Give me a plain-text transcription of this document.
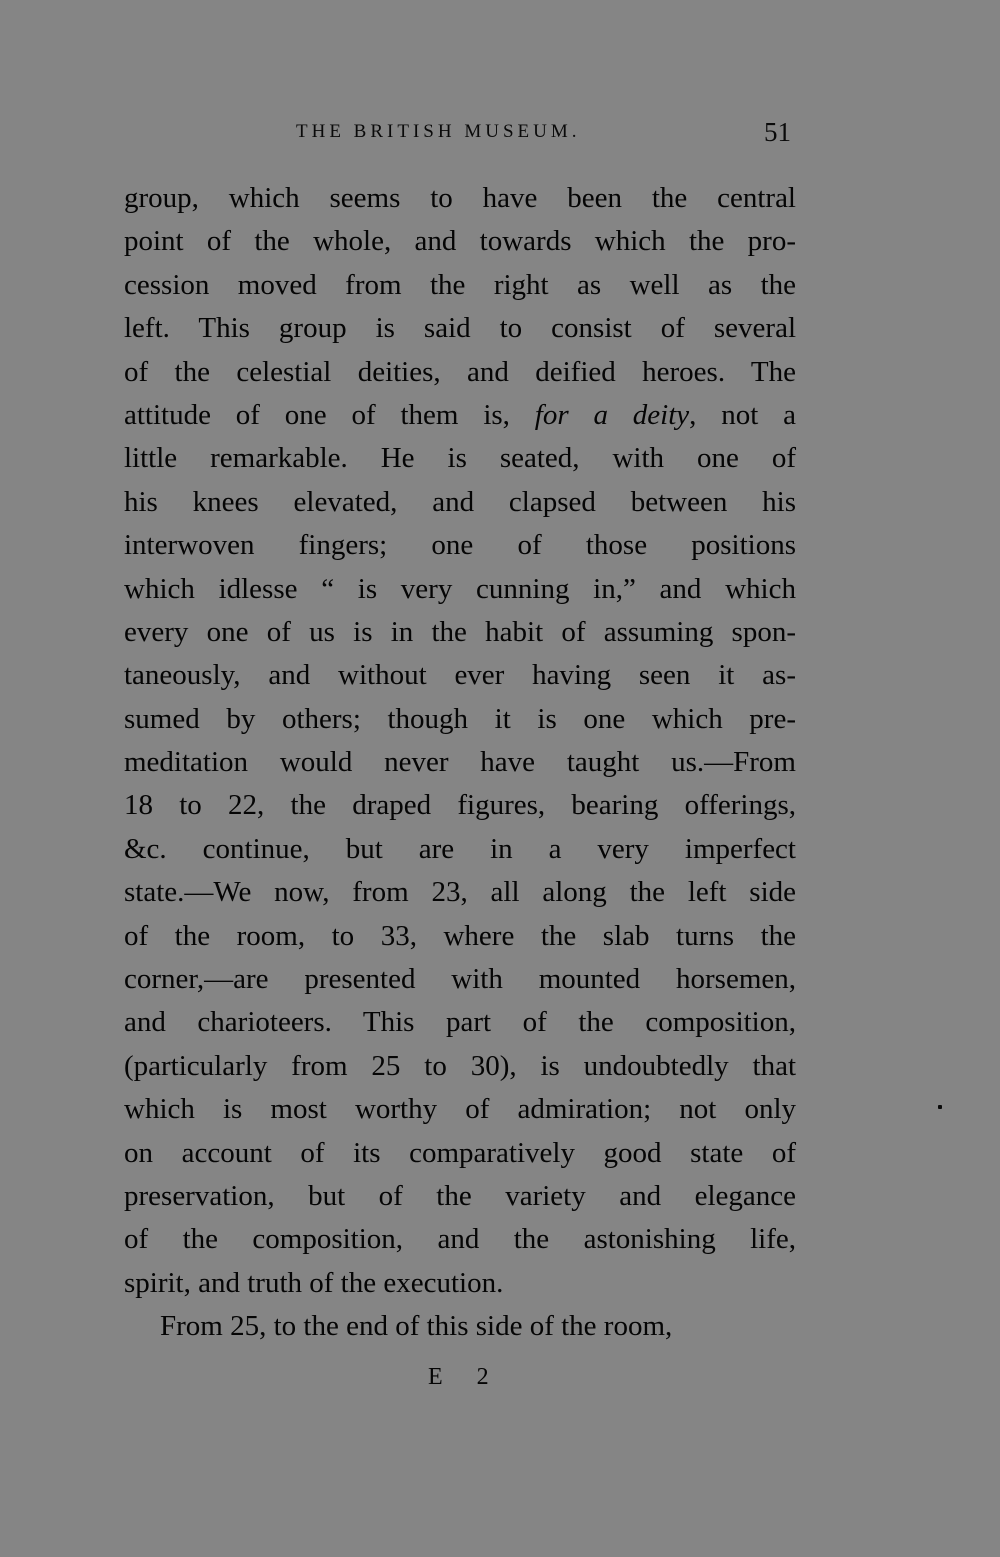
THE BRITISH MUSEUM.	51
group, which seems to have been the central
point of the whole, and towards which the pro-
cession moved from the right as well as the
left. This group is said to consist of several
of the celestial deities, and deified heroes. The
attitude of one of them is, for a deity, not a
little remarkable. He is seated, with one of
his knees elevated, and clapsed between his
interwoven fingers; one of those positions
which idlesse “ is very cunning in,” and which
every one of us is in the habit of assuming spon-
taneously, and without ever having seen it as-
sumed by others; though it is one which pre-
meditation would never have taught us.—From
18 to 22, the draped figures, bearing offerings,
&c. continue, but are in a very imperfect
state.—We now, from 23, all along the left side
of the room, to 33, where the slab turns the
corner,—are presented with mounted horsemen,
and charioteers. This part of the composition,
(particularly from 25 to 30), is undoubtedly that
which is most worthy of admiration; not only
on account of its comparatively good state of
preservation, but of the variety and elegance
of the composition, and the astonishing life,
spirit, and truth of the execution.
From 25, to the end of this side of the room,
E 2
